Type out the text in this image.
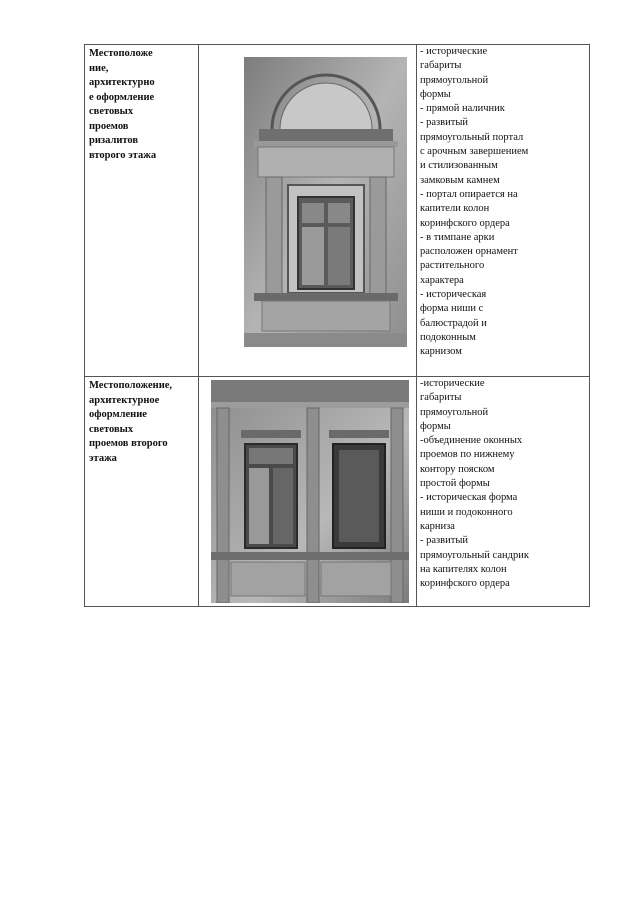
Местоположе
ние,
архитектурно
е оформление
световых
проемов
ризалитов
второго этажа
- исторические
габариты
прямоугольной
формы
- прямой наличник
- развитый
прямоугольный портал
с арочным завершением
и стилизованным
замковым камнем
- портал опирается на
капители колон
коринфского ордера
- в тимпане арки
расположен орнамент
растительного
характера
- историческая
форма ниши с
балюстрадой и
подоконным
карнизом
Местоположение,
архитектурное
оформление
световых
проемов второго
этажа
-исторические
габариты
прямоугольной
формы
-объединение оконных
проемов по нижнему
контору пояском
простой формы
- историческая форма
ниши и подоконного
карниза
- развитый
прямоугольный сандрик
на капителях колон
коринфского ордера
